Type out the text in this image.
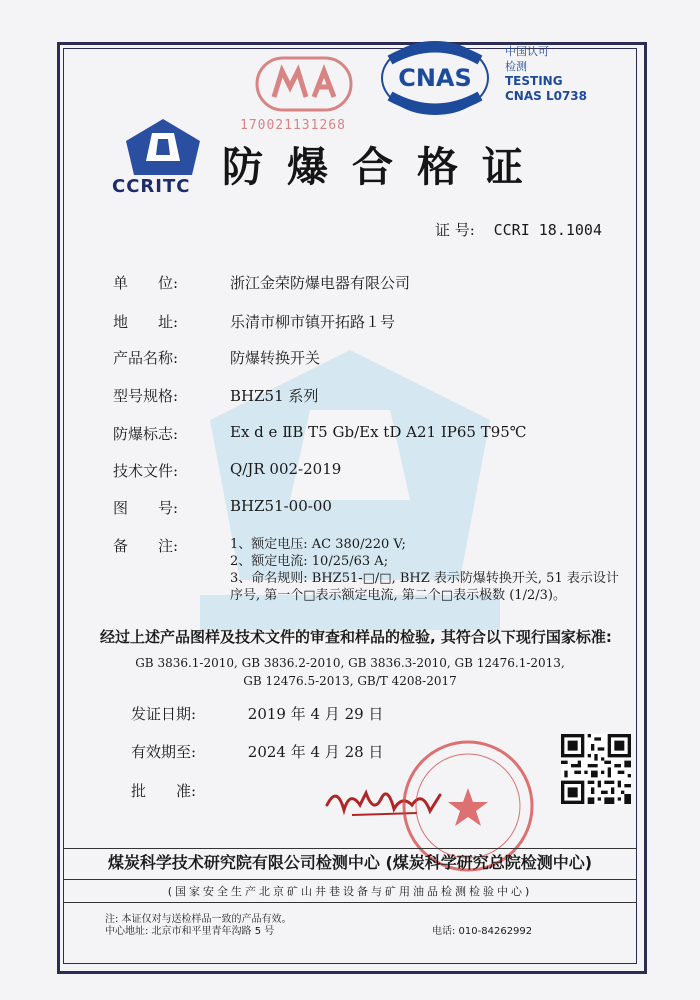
CCRITC
170021131268
CNAS
中国认可
检测
TESTING
CNAS L0738
防爆合格证
证 号: CCRI 18.1004
单　　位:	浙江金荣防爆电器有限公司
地　　址:	乐清市柳市镇开拓路１号
产品名称:	防爆转换开关
型号规格:	BHZ51 系列
防爆标志:	Ex d e ⅡB T5 Gb/Ex tD A21 IP65 T95℃
技术文件:	Q/JR 002-2019
图　　号:	BHZ51-00-00
备　　注:	1、额定电压: AC 380/220 V;
2、额定电流: 10/25/63 A;
3、命名规则: BHZ51-□/□, BHZ 表示防爆转换开关, 51 表示设计
序号, 第一个□表示额定电流, 第二个□表示极数 (1/2/3)。
经过上述产品图样及技术文件的审查和样品的检验, 其符合以下现行国家标准:
GB 3836.1-2010, GB 3836.2-2010, GB 3836.3-2010, GB 12476.1-2013,
GB 12476.5-2013, GB/T 4208-2017
发证日期:	2019 年 4 月 29 日
有效期至:	2024 年 4 月 28 日
批　　准:
煤炭科学技术研究院有限公司检测中心 (煤炭科学研究总院检测中心)
(国家安全生产北京矿山井巷设备与矿用油品检测检验中心)
注: 本证仅对与送检样品一致的产品有效。
中心地址: 北京市和平里青年沟路 5 号	电话: 010-84262992
